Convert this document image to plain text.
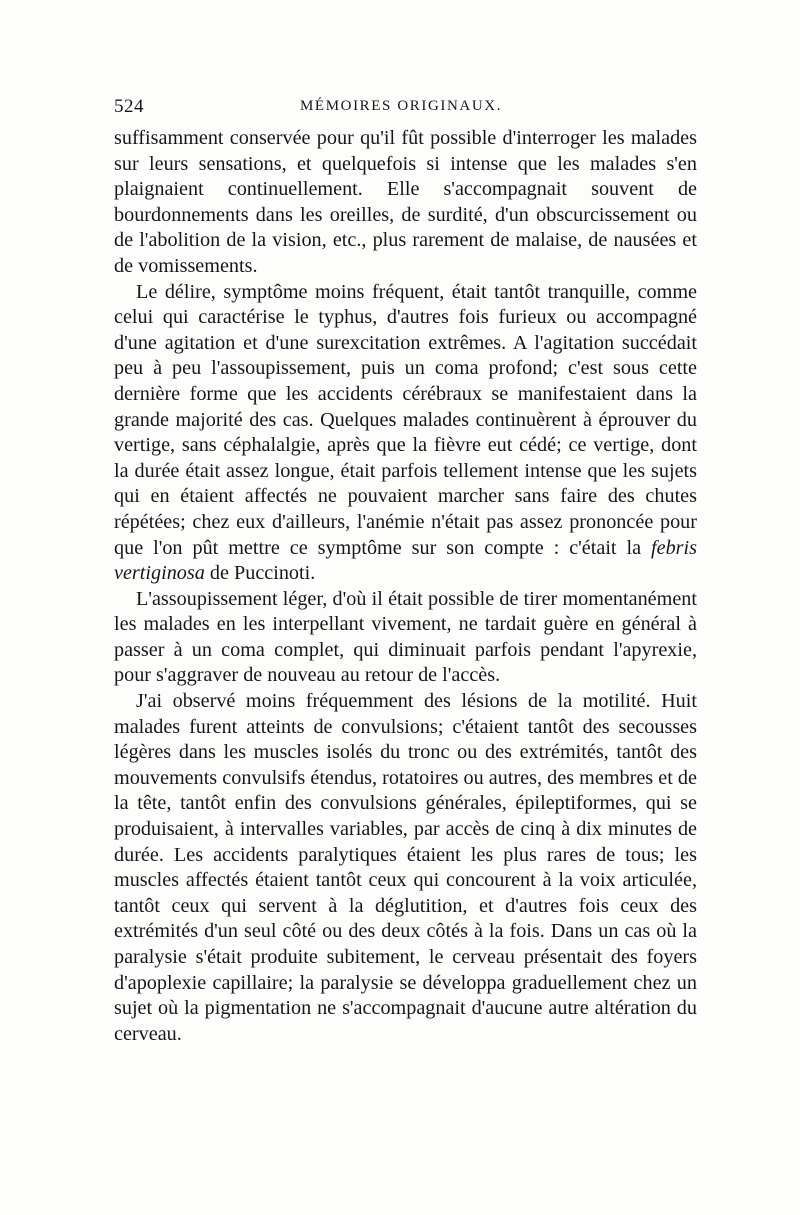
524	MÉMOIRES ORIGINAUX.

suffisamment conservée pour qu'il fût possible d'interroger les malades sur leurs sensations, et quelquefois si intense que les malades s'en plaignaient continuellement. Elle s'accompagnait souvent de bourdonnements dans les oreilles, de surdité, d'un obscurcissement ou de l'abolition de la vision, etc., plus rarement de malaise, de nausées et de vomissements.

Le délire, symptôme moins fréquent, était tantôt tranquille, comme celui qui caractérise le typhus, d'autres fois furieux ou accompagné d'une agitation et d'une surexcitation extrêmes. A l'agitation succédait peu à peu l'assoupissement, puis un coma profond; c'est sous cette dernière forme que les accidents cérébraux se manifestaient dans la grande majorité des cas. Quelques malades continuèrent à éprouver du vertige, sans céphalalgie, après que la fièvre eut cédé; ce vertige, dont la durée était assez longue, était parfois tellement intense que les sujets qui en étaient affectés ne pouvaient marcher sans faire des chutes répétées; chez eux d'ailleurs, l'anémie n'était pas assez prononcée pour que l'on pût mettre ce symptôme sur son compte : c'était la febris vertiginosa de Puccinoti.

L'assoupissement léger, d'où il était possible de tirer momentanément les malades en les interpellant vivement, ne tardait guère en général à passer à un coma complet, qui diminuait parfois pendant l'apyrexie, pour s'aggraver de nouveau au retour de l'accès.

J'ai observé moins fréquemment des lésions de la motilité. Huit malades furent atteints de convulsions; c'étaient tantôt des secousses légères dans les muscles isolés du tronc ou des extrémités, tantôt des mouvements convulsifs étendus, rotatoires ou autres, des membres et de la tête, tantôt enfin des convulsions générales, épileptiformes, qui se produisaient, à intervalles variables, par accès de cinq à dix minutes de durée. Les accidents paralytiques étaient les plus rares de tous; les muscles affectés étaient tantôt ceux qui concourent à la voix articulée, tantôt ceux qui servent à la déglutition, et d'autres fois ceux des extrémités d'un seul côté ou des deux côtés à la fois. Dans un cas où la paralysie s'était produite subitement, le cerveau présentait des foyers d'apoplexie capillaire; la paralysie se développa graduellement chez un sujet où la pigmentation ne s'accompagnait d'aucune autre altération du cerveau.
